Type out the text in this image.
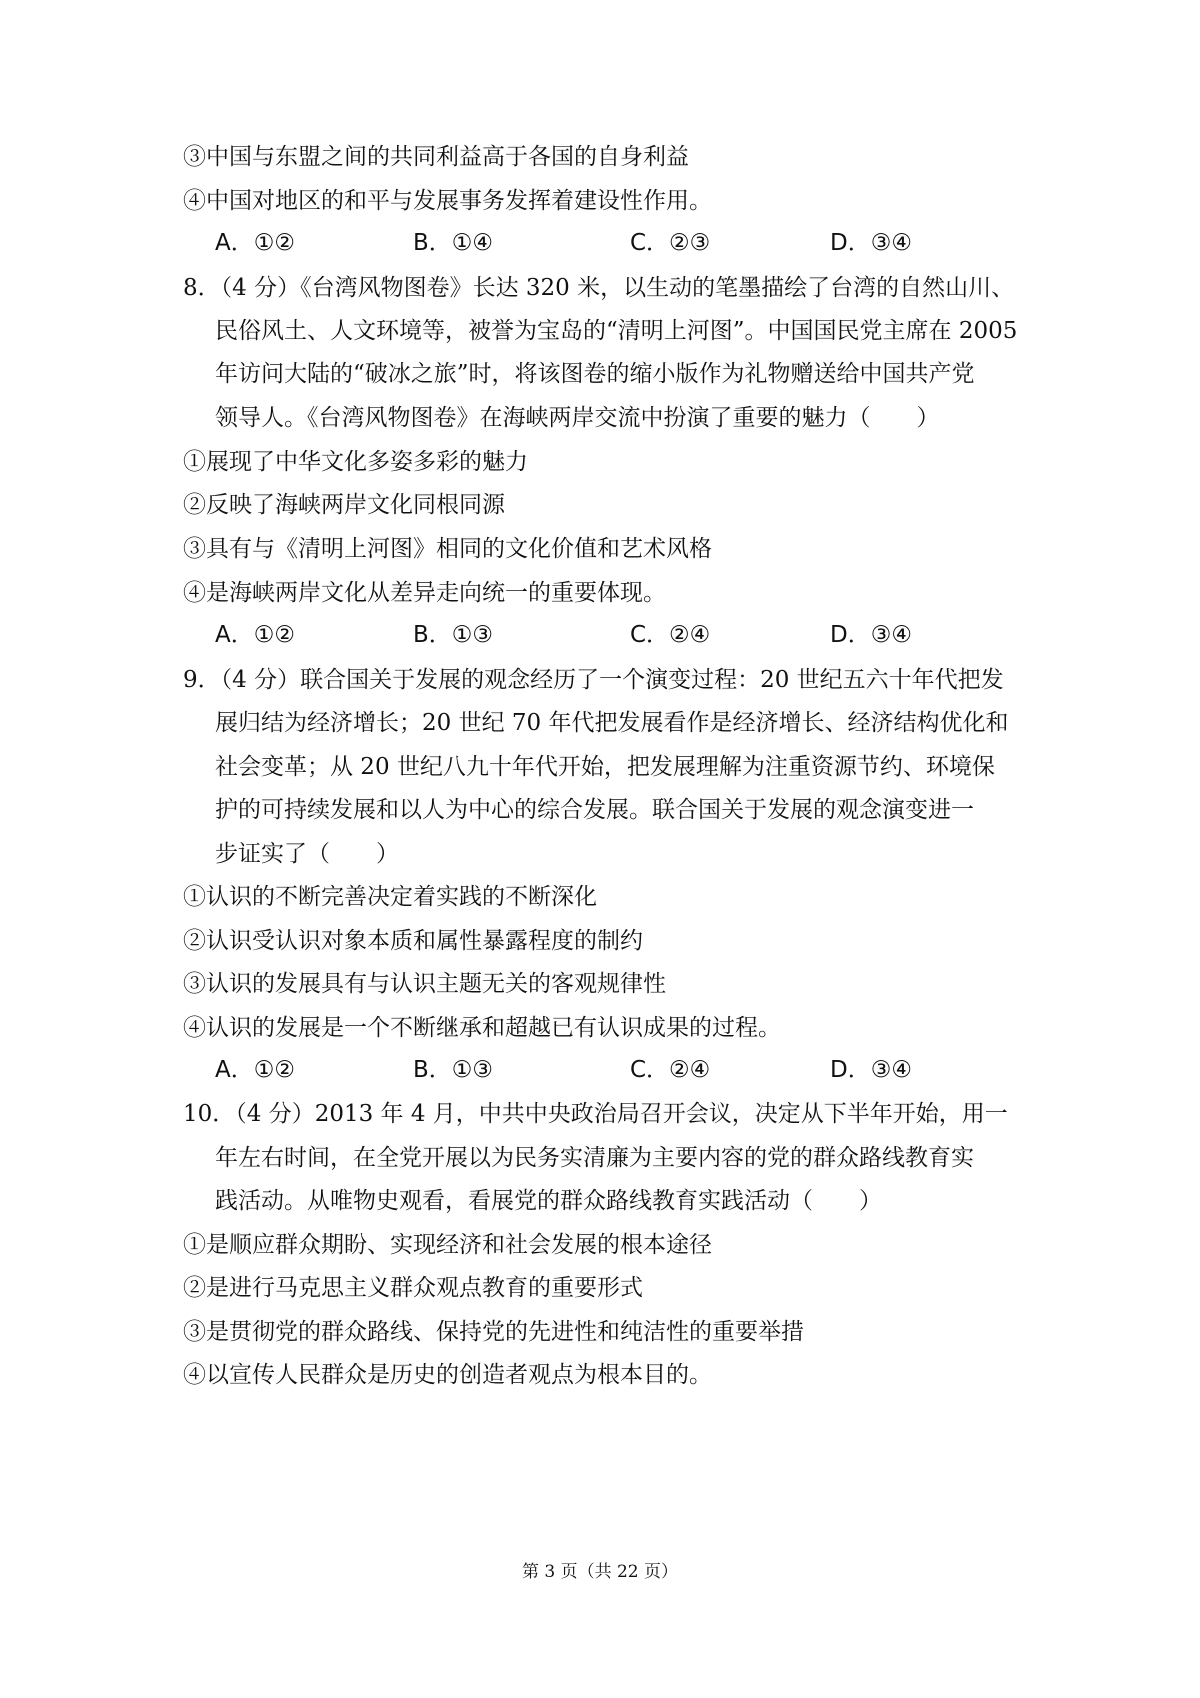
③中国与东盟之间的共同利益高于各国的自身利益
④中国对地区的和平与发展事务发挥着建设性作用。
A．①②	B．①④	C．②③	D．③④
8．（4 分）《台湾风物图卷》长达 320 米，以生动的笔墨描绘了台湾的自然山川、
民俗风土、人文环境等，被誉为宝岛的“清明上河图”。中国国民党主席在 2005
年访问大陆的“破冰之旅”时，将该图卷的缩小版作为礼物赠送给中国共产党
领导人。《台湾风物图卷》在海峡两岸交流中扮演了重要的魅力（　　）
①展现了中华文化多姿多彩的魅力
②反映了海峡两岸文化同根同源
③具有与《清明上河图》相同的文化价值和艺术风格
④是海峡两岸文化从差异走向统一的重要体现。
A．①②	B．①③	C．②④	D．③④
9．（4 分）联合国关于发展的观念经历了一个演变过程：20 世纪五六十年代把发
展归结为经济增长；20 世纪 70 年代把发展看作是经济增长、经济结构优化和
社会变革；从 20 世纪八九十年代开始，把发展理解为注重资源节约、环境保
护的可持续发展和以人为中心的综合发展。联合国关于发展的观念演变进一
步证实了（　　）
①认识的不断完善决定着实践的不断深化
②认识受认识对象本质和属性暴露程度的制约
③认识的发展具有与认识主题无关的客观规律性
④认识的发展是一个不断继承和超越已有认识成果的过程。
A．①②	B．①③	C．②④	D．③④
10．（4 分）2013 年 4 月，中共中央政治局召开会议，决定从下半年开始，用一
年左右时间，在全党开展以为民务实清廉为主要内容的党的群众路线教育实
践活动。从唯物史观看，看展党的群众路线教育实践活动（　　）
①是顺应群众期盼、实现经济和社会发展的根本途径
②是进行马克思主义群众观点教育的重要形式
③是贯彻党的群众路线、保持党的先进性和纯洁性的重要举措
④以宣传人民群众是历史的创造者观点为根本目的。
第 3 页（共 22 页）
